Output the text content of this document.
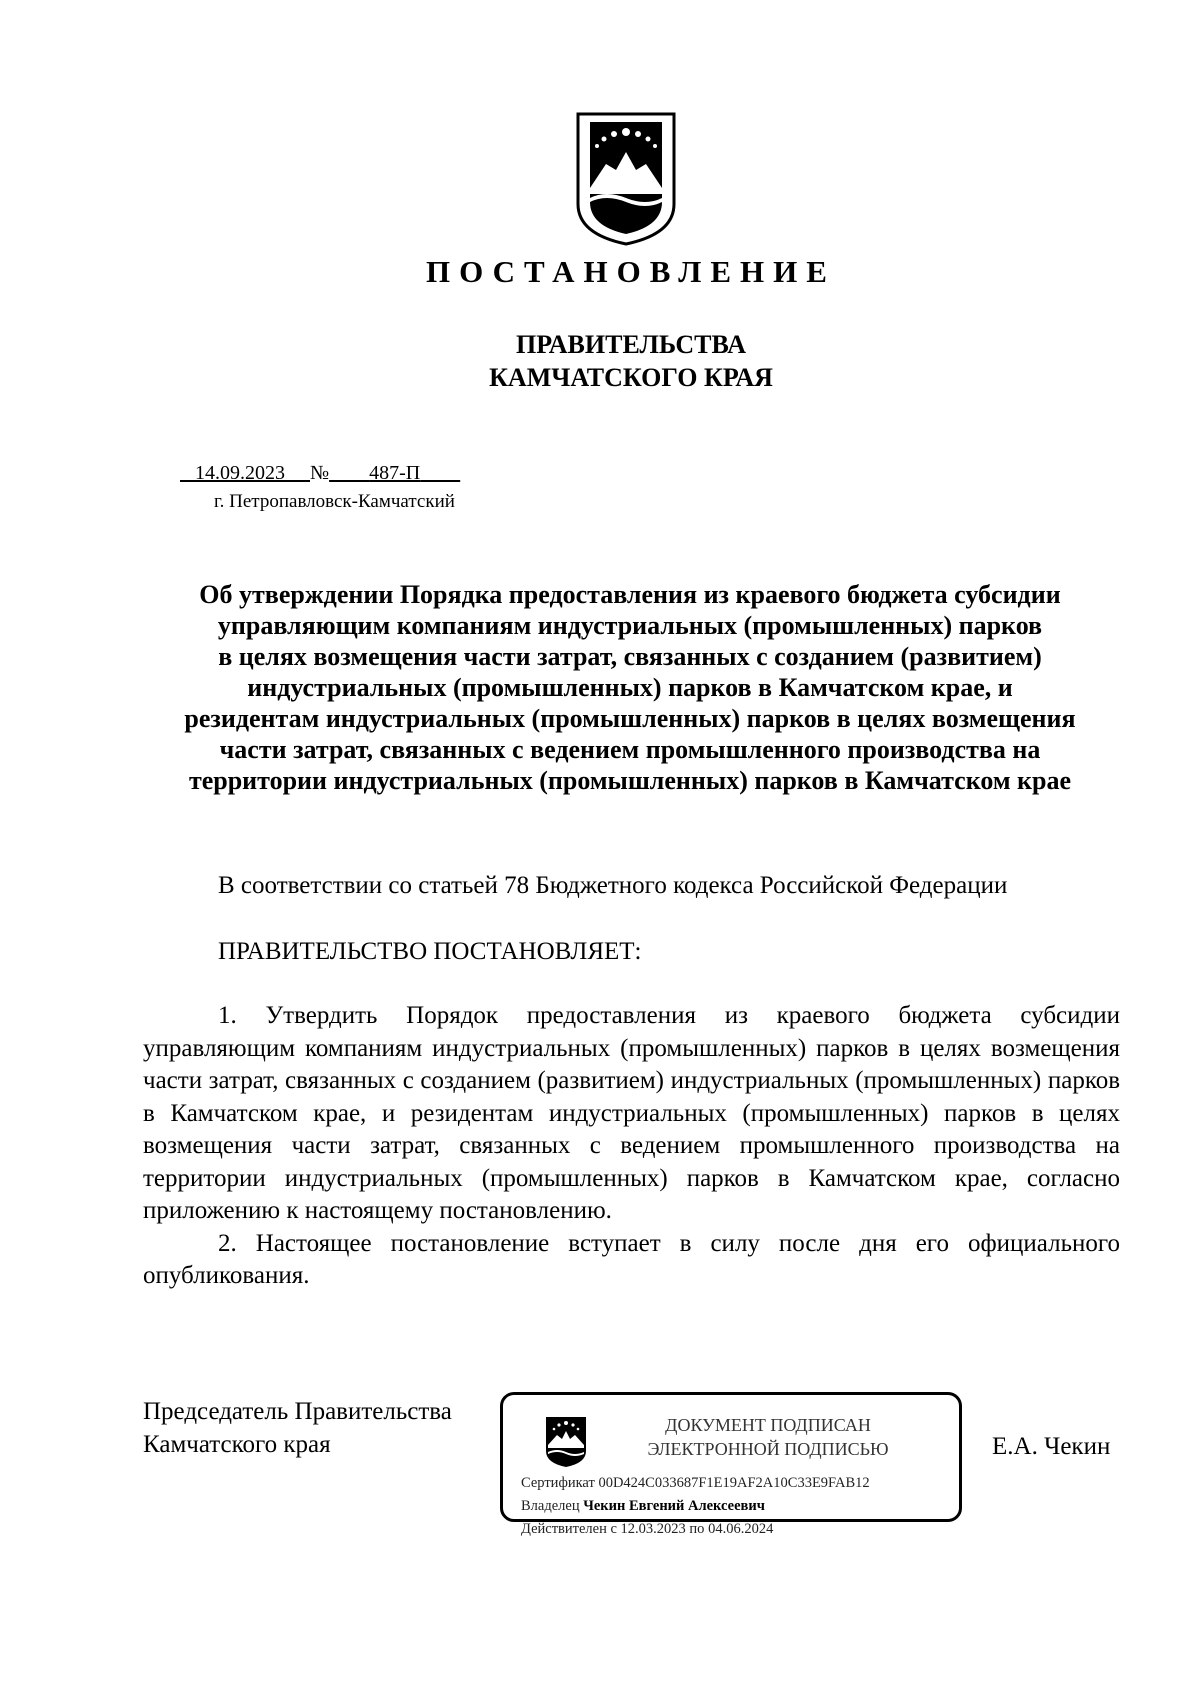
ПОСТАНОВЛЕНИЕ
ПРАВИТЕЛЬСТВА
КАМЧАТСКОГО КРАЯ
14.09.2023 № 487-П
г. Петропавловск-Камчатский
Об утверждении Порядка предоставления из краевого бюджета субсидии
управляющим компаниям индустриальных (промышленных) парков
в целях возмещения части затрат, связанных с созданием (развитием)
индустриальных (промышленных) парков в Камчатском крае, и
резидентам индустриальных (промышленных) парков в целях возмещения
части затрат, связанных с ведением промышленного производства на
территории индустриальных (промышленных) парков в Камчатском крае
В соответствии со статьей 78 Бюджетного кодекса Российской Федерации
ПРАВИТЕЛЬСТВО ПОСТАНОВЛЯЕТ:

1. Утвердить Порядок предоставления из краевого бюджета субсидии управляющим компаниям индустриальных (промышленных) парков в целях возмещения части затрат, связанных с созданием (развитием) индустриальных (промышленных) парков в Камчатском крае, и резидентам индустриальных (промышленных) парков в целях возмещения части затрат, связанных с ведением промышленного производства на территории индустриальных (промышленных) парков в Камчатском крае, согласно приложению к настоящему постановлению.

2. Настоящее постановление вступает в силу после дня его официального опубликования.

Председатель Правительства
Камчатского края
ДОКУМЕНТ ПОДПИСАН
ЭЛЕКТРОННОЙ ПОДПИСЬЮ
Сертификат 00D424C033687F1E19AF2A10C33E9FAB12
Владелец Чекин Евгений Алексеевич
Действителен с 12.03.2023 по 04.06.2024
Е.А. Чекин
